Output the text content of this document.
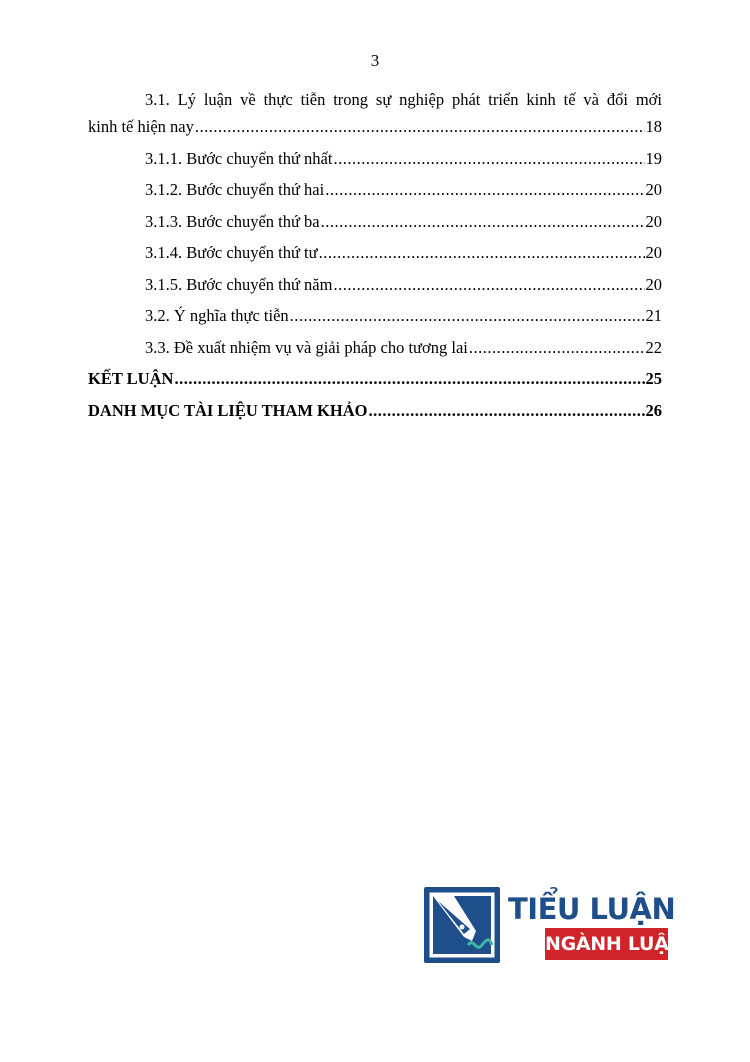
3
3.1. Lý luận về thực tiễn trong sự nghiệp phát triển kinh tế và đổi mới
kinh tế hiện nay .....	18
3.1.1. Bước chuyển thứ nhất .....	19
3.1.2. Bước chuyển thứ hai .....	20
3.1.3. Bước chuyển thứ ba .....	20
3.1.4. Bước chuyển thứ tư .....	20
3.1.5. Bước chuyển thứ năm .....	20
3.2. Ý nghĩa thực tiễn .....	21
3.3. Đề xuất nhiệm vụ và giải pháp cho tương lai .....	22
KẾT LUẬN .....	25
DANH MỤC TÀI LIỆU THAM KHẢO .....	26
TIỂU LUẬN
NGÀNH LUẬT
